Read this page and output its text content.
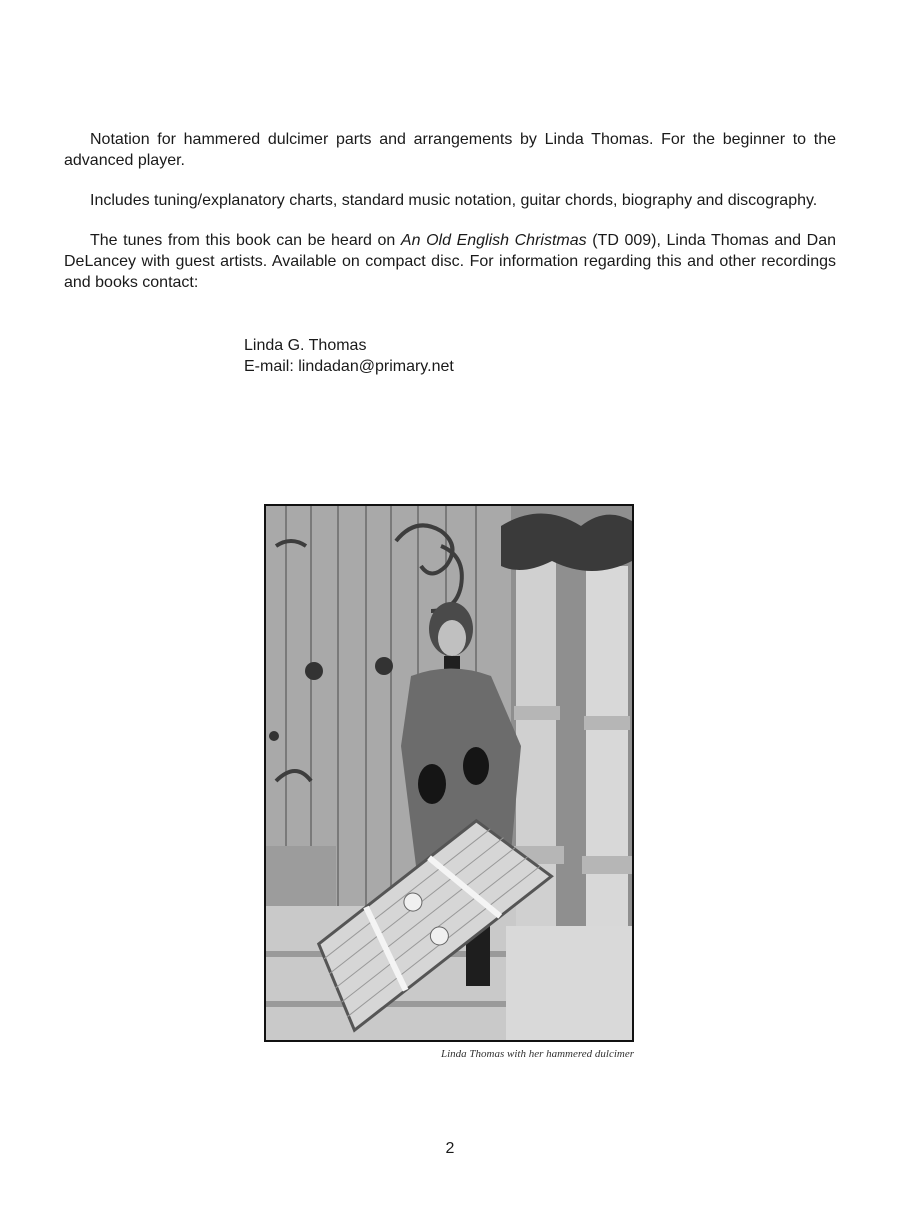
Notation for hammered dulcimer parts and arrangements by Linda Thomas. For the beginner to the advanced player.

Includes tuning/explanatory charts, standard music notation, guitar chords, biography and discography.

The tunes from this book can be heard on An Old English Christmas (TD 009), Linda Thomas and Dan DeLancey with guest artists. Available on compact disc. For information regarding this and other recordings and books contact:

Linda G. Thomas
E-mail: lindadan@primary.net
Linda Thomas with her hammered dulcimer
2
